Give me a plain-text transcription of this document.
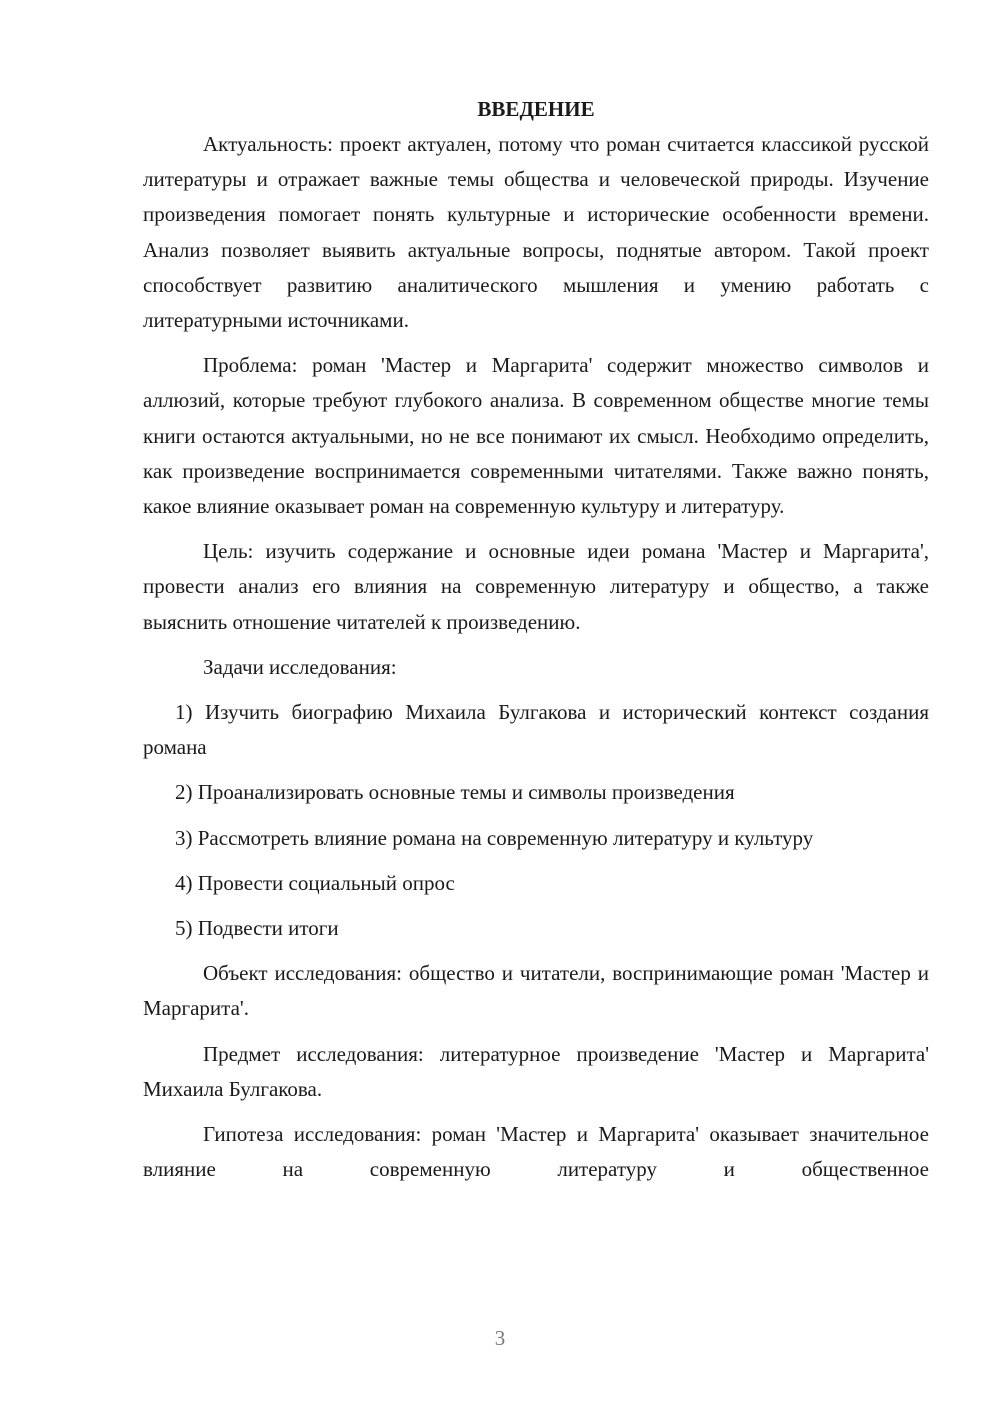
ВВЕДЕНИЕ

Актуальность: проект актуален, потому что роман считается классикой русской литературы и отражает важные темы общества и человеческой природы. Изучение произведения помогает понять культурные и исторические особенности времени. Анализ позволяет выявить актуальные вопросы, поднятые автором. Такой проект способствует развитию аналитического мышления и умению работать с литературными источниками.

Проблема: роман 'Мастер и Маргарита' содержит множество символов и аллюзий, которые требуют глубокого анализа. В современном обществе многие темы книги остаются актуальными, но не все понимают их смысл. Необходимо определить, как произведение воспринимается современными читателями. Также важно понять, какое влияние оказывает роман на современную культуру и литературу.

Цель: изучить содержание и основные идеи романа 'Мастер и Маргарита', провести анализ его влияния на современную литературу и общество, а также выяснить отношение читателей к произведению.

Задачи исследования:

1) Изучить биографию Михаила Булгакова и исторический контекст создания романа

2) Проанализировать основные темы и символы произведения

3) Рассмотреть влияние романа на современную литературу и культуру

4) Провести социальный опрос

5) Подвести итоги

Объект исследования: общество и читатели, воспринимающие роман 'Мастер и Маргарита'.

Предмет исследования: литературное произведение 'Мастер и Маргарита' Михаила Булгакова.

Гипотеза исследования: роман 'Мастер и Маргарита' оказывает значительное влияние на современную литературу и общественное

3
